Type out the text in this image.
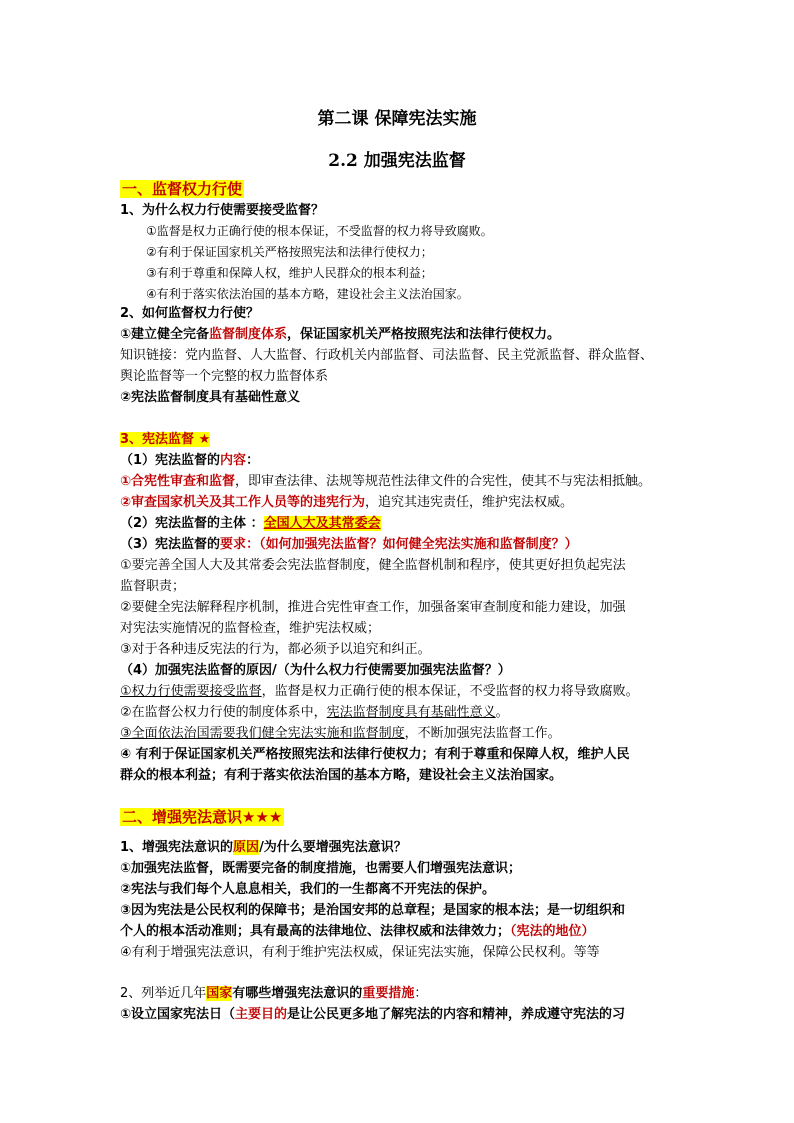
第二课 保障宪法实施
2.2 加强宪法监督
一、监督权力行使
1、为什么权力行使需要接受监督？
①监督是权力正确行使的根本保证，不受监督的权力将导致腐败。
②有利于保证国家机关严格按照宪法和法律行使权力；
③有利于尊重和保障人权，维护人民群众的根本利益；
④有利于落实依法治国的基本方略，建设社会主义法治国家。
2、如何监督权力行使？
①建立健全完备监督制度体系，保证国家机关严格按照宪法和法律行使权力。
知识链接：党内监督、人大监督、行政机关内部监督、司法监督、民主党派监督、群众监督、
舆论监督等一个完整的权力监督体系
②宪法监督制度具有基础性意义
3、宪法监督 ★
（1）宪法监督的内容：
①合宪性审查和监督，即审查法律、法规等规范性法律文件的合宪性，使其不与宪法相抵触。
②审查国家机关及其工作人员等的违宪行为，追究其违宪责任，维护宪法权威。
（2）宪法监督的主体 ：全国人大及其常委会
（3）宪法监督的要求：（如何加强宪法监督？如何健全宪法实施和监督制度？）
①要完善全国人大及其常委会宪法监督制度，健全监督机制和程序，使其更好担负起宪法
监督职责；
②要健全宪法解释程序机制，推进合宪性审查工作，加强备案审查制度和能力建设，加强
对宪法实施情况的监督检查，维护宪法权威；
③对于各种违反宪法的行为，都必须予以追究和纠正。
（4）加强宪法监督的原因/（为什么权力行使需要加强宪法监督？）
①权力行使需要接受监督，监督是权力正确行使的根本保证，不受监督的权力将导致腐败。
②在监督公权力行使的制度体系中，宪法监督制度具有基础性意义。
③全面依法治国需要我们健全宪法实施和监督制度，不断加强宪法监督工作。
④ 有利于保证国家机关严格按照宪法和法律行使权力；有利于尊重和保障人权，维护人民
群众的根本利益；有利于落实依法治国的基本方略，建设社会主义法治国家。
二、增强宪法意识★★★
1、增强宪法意识的原因/为什么要增强宪法意识？
①加强宪法监督，既需要完备的制度措施，也需要人们增强宪法意识；
②宪法与我们每个人息息相关，我们的一生都离不开宪法的保护。
③因为宪法是公民权利的保障书；是治国安邦的总章程；是国家的根本法；是一切组织和
个人的根本活动准则；具有最高的法律地位、法律权威和法律效力；（宪法的地位）
④有利于增强宪法意识，有利于维护宪法权威，保证宪法实施，保障公民权利。等等
2、列举近几年国家有哪些增强宪法意识的重要措施：
①设立国家宪法日（主要目的是让公民更多地了解宪法的内容和精神，养成遵守宪法的习
